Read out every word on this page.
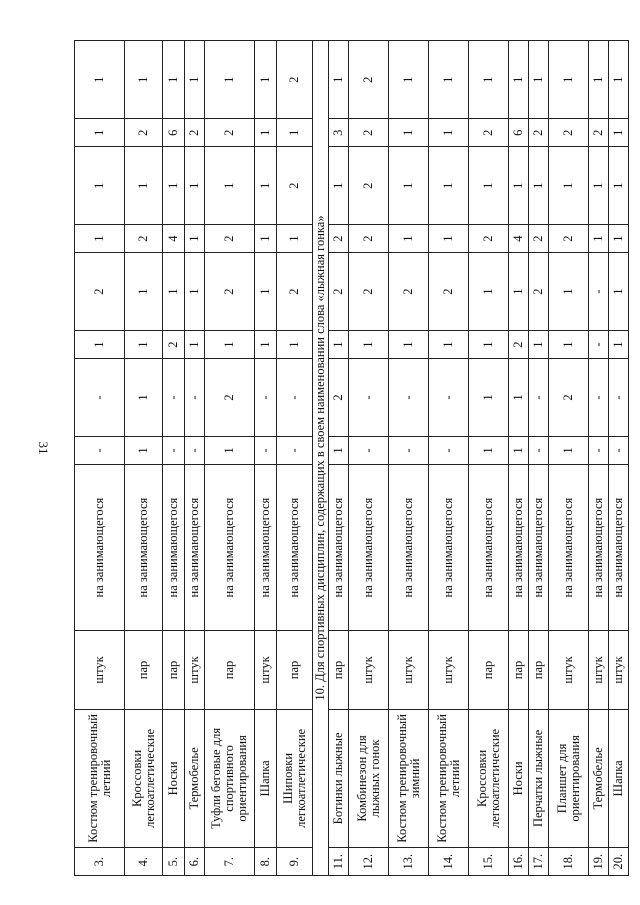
31
3.	Костюм тренировочный летний	штук	на занимающегося	-	-	1	2	1	1	1	1
4.	Кроссовки легкоатлетические	пар	на занимающегося	1	1	1	1	2	1	2	1
5.	Носки	пар	на занимающегося	-	-	2	1	4	1	6	1
6.	Термобелье	штук	на занимающегося	-	-	1	1	1	1	2	1
7.	Туфли беговые для спортивного ориентирования	пар	на занимающегося	1	2	1	2	2	1	2	1
8.	Шапка	штук	на занимающегося	-	-	1	1	1	1	1	1
9.	Шиповки легкоатлетические	пар	на занимающегося	-	-	1	2	1	2	1	2
10. Для спортивных дисциплин, содержащих в своем наименовании слова «лыжная гонка»											
11.	Ботинки лыжные	пар	на занимающегося	1	2	1	2	2	1	3	1
12.	Комбинезон для лыжных гонок	штук	на занимающегося	-	-	1	2	2	2	2	2
13.	Костюм тренировочный зимний	штук	на занимающегося	-	-	1	2	1	1	1	1
14.	Костюм тренировочный летний	штук	на занимающегося	-	-	1	2	1	1	1	1
15.	Кроссовки легкоатлетические	пар	на занимающегося	1	1	1	1	2	1	2	1
16.	Носки	пар	на занимающегося	1	1	2	1	4	1	6	1
17.	Перчатки лыжные	пар	на занимающегося	-	-	1	2	2	1	2	1
18.	Планшет для ориентирования	штук	на занимающегося	1	2	1	1	2	1	2	1
19.	Термобелье	штук	на занимающегося	-	-	-	-	1	1	2	1
20.	Шапка	штук	на занимающегося	-	-	1	1	1	1	1	1
